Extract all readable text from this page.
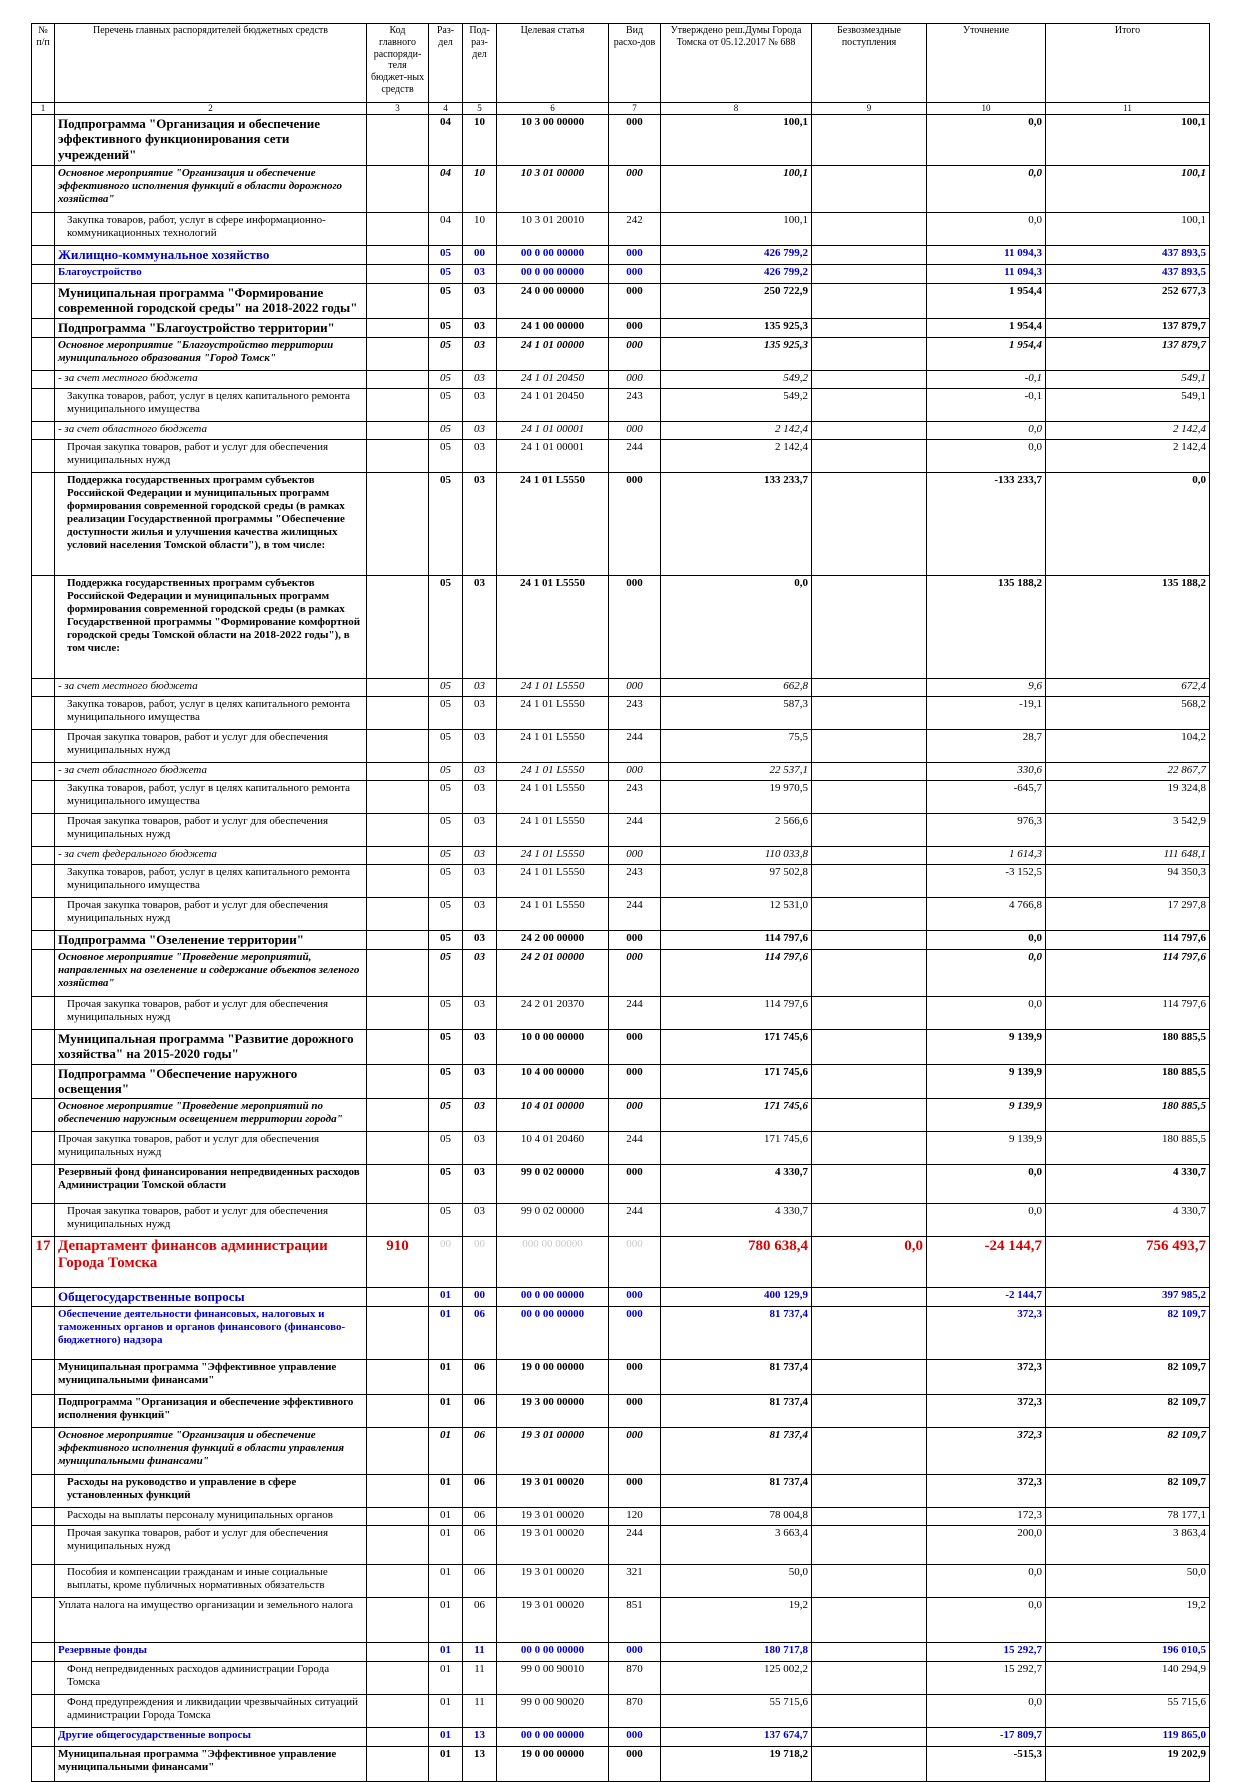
№ п/п	Перечень главных распорядителей бюджетных средств	Код главного распоряди-теля бюджет-ных средств	Раз-дел	Под-раз-дел	Целевая статья	Вид расхо-дов	Утверждено реш.Думы Города Томска от 05.12.2017 № 688	Безвозмездные поступления	Уточнение	Итого
1	2	3	4	5	6	7	8	9	10	11
	Подпрограмма "Организация и обеспечение эффективного функционирования сети учреждений"		04	10	10 3 00 00000	000	100,1		0,0	100,1
	Основное мероприятие "Организация и обеспечение эффективного исполнения функций в области дорожного хозяйства"		04	10	10 3 01 00000	000	100,1		0,0	100,1
	Закупка товаров, работ, услуг в сфере информационно-коммуникационных технологий		04	10	10 3 01 20010	242	100,1		0,0	100,1
	Жилищно-коммунальное хозяйство		05	00	00 0 00 00000	000	426 799,2		11 094,3	437 893,5
	Благоустройство		05	03	00 0 00 00000	000	426 799,2		11 094,3	437 893,5
	Муниципальная программа "Формирование современной городской среды" на 2018-2022 годы"		05	03	24 0 00 00000	000	250 722,9		1 954,4	252 677,3
	Подпрограмма "Благоустройство территории"		05	03	24 1 00 00000	000	135 925,3		1 954,4	137 879,7
	Основное мероприятие "Благоустройство территории муниципального образования "Город Томск"		05	03	24 1 01 00000	000	135 925,3		1 954,4	137 879,7
	- за счет местного бюджета		05	03	24 1 01 20450	000	549,2		-0,1	549,1
	Закупка товаров, работ, услуг в целях капитального ремонта муниципального имущества		05	03	24 1 01 20450	243	549,2		-0,1	549,1
	- за счет областного бюджета		05	03	24 1 01 00001	000	2 142,4		0,0	2 142,4
	Прочая закупка товаров, работ и услуг для обеспечения муниципальных нужд		05	03	24 1 01 00001	244	2 142,4		0,0	2 142,4
	Поддержка государственных программ субъектов Российской Федерации и муниципальных программ формирования современной городской среды (в рамках реализации Государственной программы "Обеспечение доступности жилья и улучшения качества жилищных условий населения Томской области"), в том числе:		05	03	24 1 01 L5550	000	133 233,7		-133 233,7	0,0
	Поддержка государственных программ субъектов Российской Федерации и муниципальных программ формирования современной городской среды (в рамках Государственной программы "Формирование комфортной городской среды Томской области на 2018-2022 годы"), в том числе:		05	03	24 1 01 L5550	000	0,0		135 188,2	135 188,2
	- за счет местного бюджета		05	03	24 1 01 L5550	000	662,8		9,6	672,4
	Закупка товаров, работ, услуг в целях капитального ремонта муниципального имущества		05	03	24 1 01 L5550	243	587,3		-19,1	568,2
	Прочая закупка товаров, работ и услуг для обеспечения муниципальных нужд		05	03	24 1 01 L5550	244	75,5		28,7	104,2
	- за счет областного бюджета		05	03	24 1 01 L5550	000	22 537,1		330,6	22 867,7
	Закупка товаров, работ, услуг в целях капитального ремонта муниципального имущества		05	03	24 1 01 L5550	243	19 970,5		-645,7	19 324,8
	Прочая закупка товаров, работ и услуг для обеспечения муниципальных нужд		05	03	24 1 01 L5550	244	2 566,6		976,3	3 542,9
	- за счет федерального бюджета		05	03	24 1 01 L5550	000	110 033,8		1 614,3	111 648,1
	Закупка товаров, работ, услуг в целях капитального ремонта муниципального имущества		05	03	24 1 01 L5550	243	97 502,8		-3 152,5	94 350,3
	Прочая закупка товаров, работ и услуг для обеспечения муниципальных нужд		05	03	24 1 01 L5550	244	12 531,0		4 766,8	17 297,8
	Подпрограмма "Озеленение территории"		05	03	24 2 00 00000	000	114 797,6		0,0	114 797,6
	Основное мероприятие "Проведение мероприятий, направленных на озеленение и содержание объектов зеленого хозяйства"		05	03	24 2 01 00000	000	114 797,6		0,0	114 797,6
	Прочая закупка товаров, работ и услуг для обеспечения муниципальных нужд		05	03	24 2 01 20370	244	114 797,6		0,0	114 797,6
	Муниципальная программа "Развитие дорожного хозяйства" на 2015-2020 годы"		05	03	10 0 00 00000	000	171 745,6		9 139,9	180 885,5
	Подпрограмма "Обеспечение наружного освещения"		05	03	10 4 00 00000	000	171 745,6		9 139,9	180 885,5
	Основное мероприятие "Проведение мероприятий по обеспечению наружным освещением территории города"		05	03	10 4 01 00000	000	171 745,6		9 139,9	180 885,5
	Прочая закупка товаров, работ и услуг для обеспечения муниципальных нужд		05	03	10 4 01 20460	244	171 745,6		9 139,9	180 885,5
	Резервный фонд финансирования непредвиденных расходов Администрации Томской области		05	03	99 0 02 00000	000	4 330,7		0,0	4 330,7
	Прочая закупка товаров, работ и услуг для обеспечения муниципальных нужд		05	03	99 0 02 00000	244	4 330,7		0,0	4 330,7
17	Департамент финансов администрации Города Томска	910	00	00	000 00 00000	000	780 638,4	0,0	-24 144,7	756 493,7
	Общегосударственные вопросы		01	00	00 0 00 00000	000	400 129,9		-2 144,7	397 985,2
	Обеспечение деятельности финансовых, налоговых и таможенных органов и органов финансового (финансово-бюджетного) надзора		01	06	00 0 00 00000	000	81 737,4		372,3	82 109,7
	Муниципальная программа "Эффективное управление муниципальными финансами"		01	06	19 0 00 00000	000	81 737,4		372,3	82 109,7
	Подпрограмма "Организация и обеспечение эффективного исполнения функций"		01	06	19 3 00 00000	000	81 737,4		372,3	82 109,7
	Основное мероприятие "Организация и обеспечение эффективного исполнения функций в области управления муниципальными финансами"		01	06	19 3 01 00000	000	81 737,4		372,3	82 109,7
	Расходы на руководство и управление в сфере установленных функций		01	06	19 3 01 00020	000	81 737,4		372,3	82 109,7
	Расходы на выплаты персоналу муниципальных органов		01	06	19 3 01 00020	120	78 004,8		172,3	78 177,1
	Прочая закупка товаров, работ и услуг для обеспечения муниципальных нужд		01	06	19 3 01 00020	244	3 663,4		200,0	3 863,4
	Пособия и компенсации гражданам и иные социальные выплаты, кроме публичных нормативных обязательств		01	06	19 3 01 00020	321	50,0		0,0	50,0
	Уплата налога на имущество организации и земельного налога		01	06	19 3 01 00020	851	19,2		0,0	19,2
	Резервные фонды		01	11	00 0 00 00000	000	180 717,8		15 292,7	196 010,5
	Фонд непредвиденных расходов администрации Города Томска		01	11	99 0 00 90010	870	125 002,2		15 292,7	140 294,9
	Фонд предупреждения и ликвидации чрезвычайных ситуаций администрации Города Томска		01	11	99 0 00 90020	870	55 715,6		0,0	55 715,6
	Другие общегосударственные вопросы		01	13	00 0 00 00000	000	137 674,7		-17 809,7	119 865,0
	Муниципальная программа "Эффективное управление муниципальными финансами"		01	13	19 0 00 00000	000	19 718,2		-515,3	19 202,9
